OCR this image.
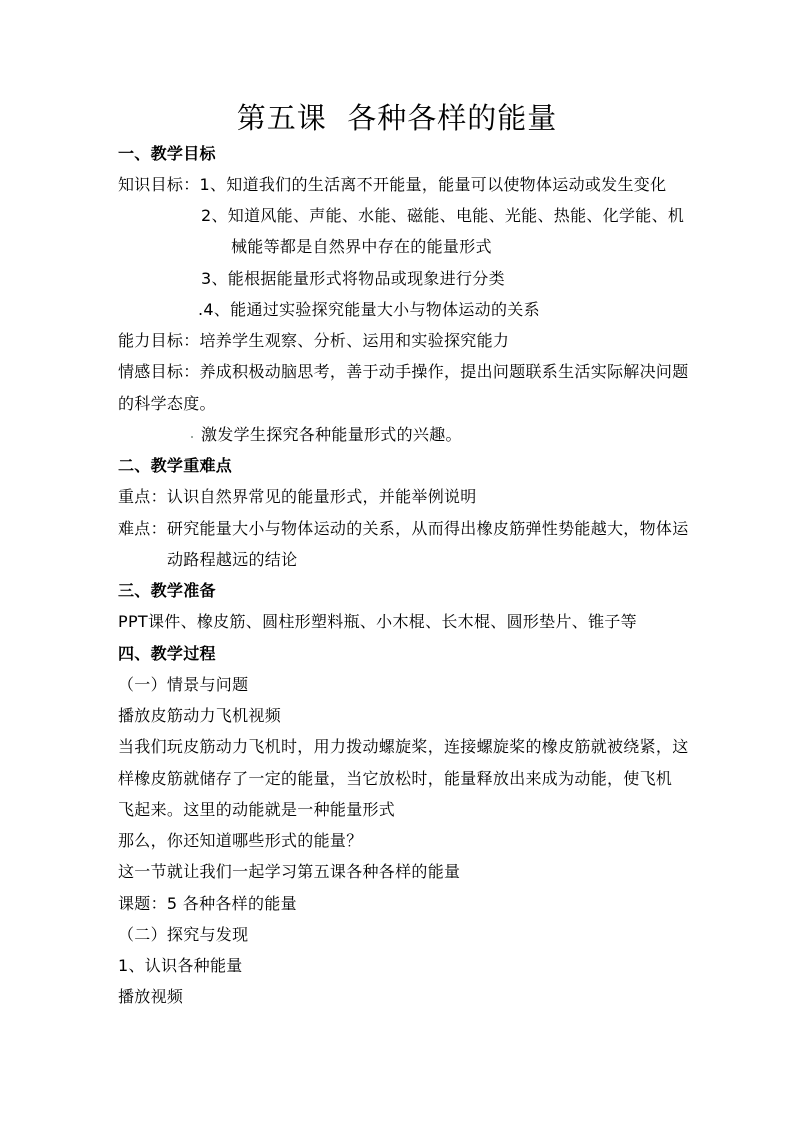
第五课  各种各样的能量
一、教学目标
知识目标：1、知道我们的生活离不开能量，能量可以使物体运动或发生变化
2、知道风能、声能、水能、磁能、电能、光能、热能、化学能、机
械能等都是自然界中存在的能量形式
3、能根据能量形式将物品或现象进行分类
.4、能通过实验探究能量大小与物体运动的关系
能力目标：培养学生观察、分析、运用和实验探究能力
情感目标：养成积极动脑思考，善于动手操作，提出问题联系生活实际解决问题
的科学态度。
激发学生探究各种能量形式的兴趣。
二、教学重难点
重点：认识自然界常见的能量形式，并能举例说明
难点：研究能量大小与物体运动的关系，从而得出橡皮筋弹性势能越大，物体运
动路程越远的结论
三、教学准备
PPT课件、橡皮筋、圆柱形塑料瓶、小木棍、长木棍、圆形垫片、锥子等
四、教学过程
（一）情景与问题
播放皮筋动力飞机视频
当我们玩皮筋动力飞机时，用力拨动螺旋桨，连接螺旋桨的橡皮筋就被绕紧，这
样橡皮筋就储存了一定的能量，当它放松时，能量释放出来成为动能，使飞机
飞起来。这里的动能就是一种能量形式
那么，你还知道哪些形式的能量？
这一节就让我们一起学习第五课各种各样的能量
课题：5 各种各样的能量
（二）探究与发现
1、认识各种能量
播放视频
